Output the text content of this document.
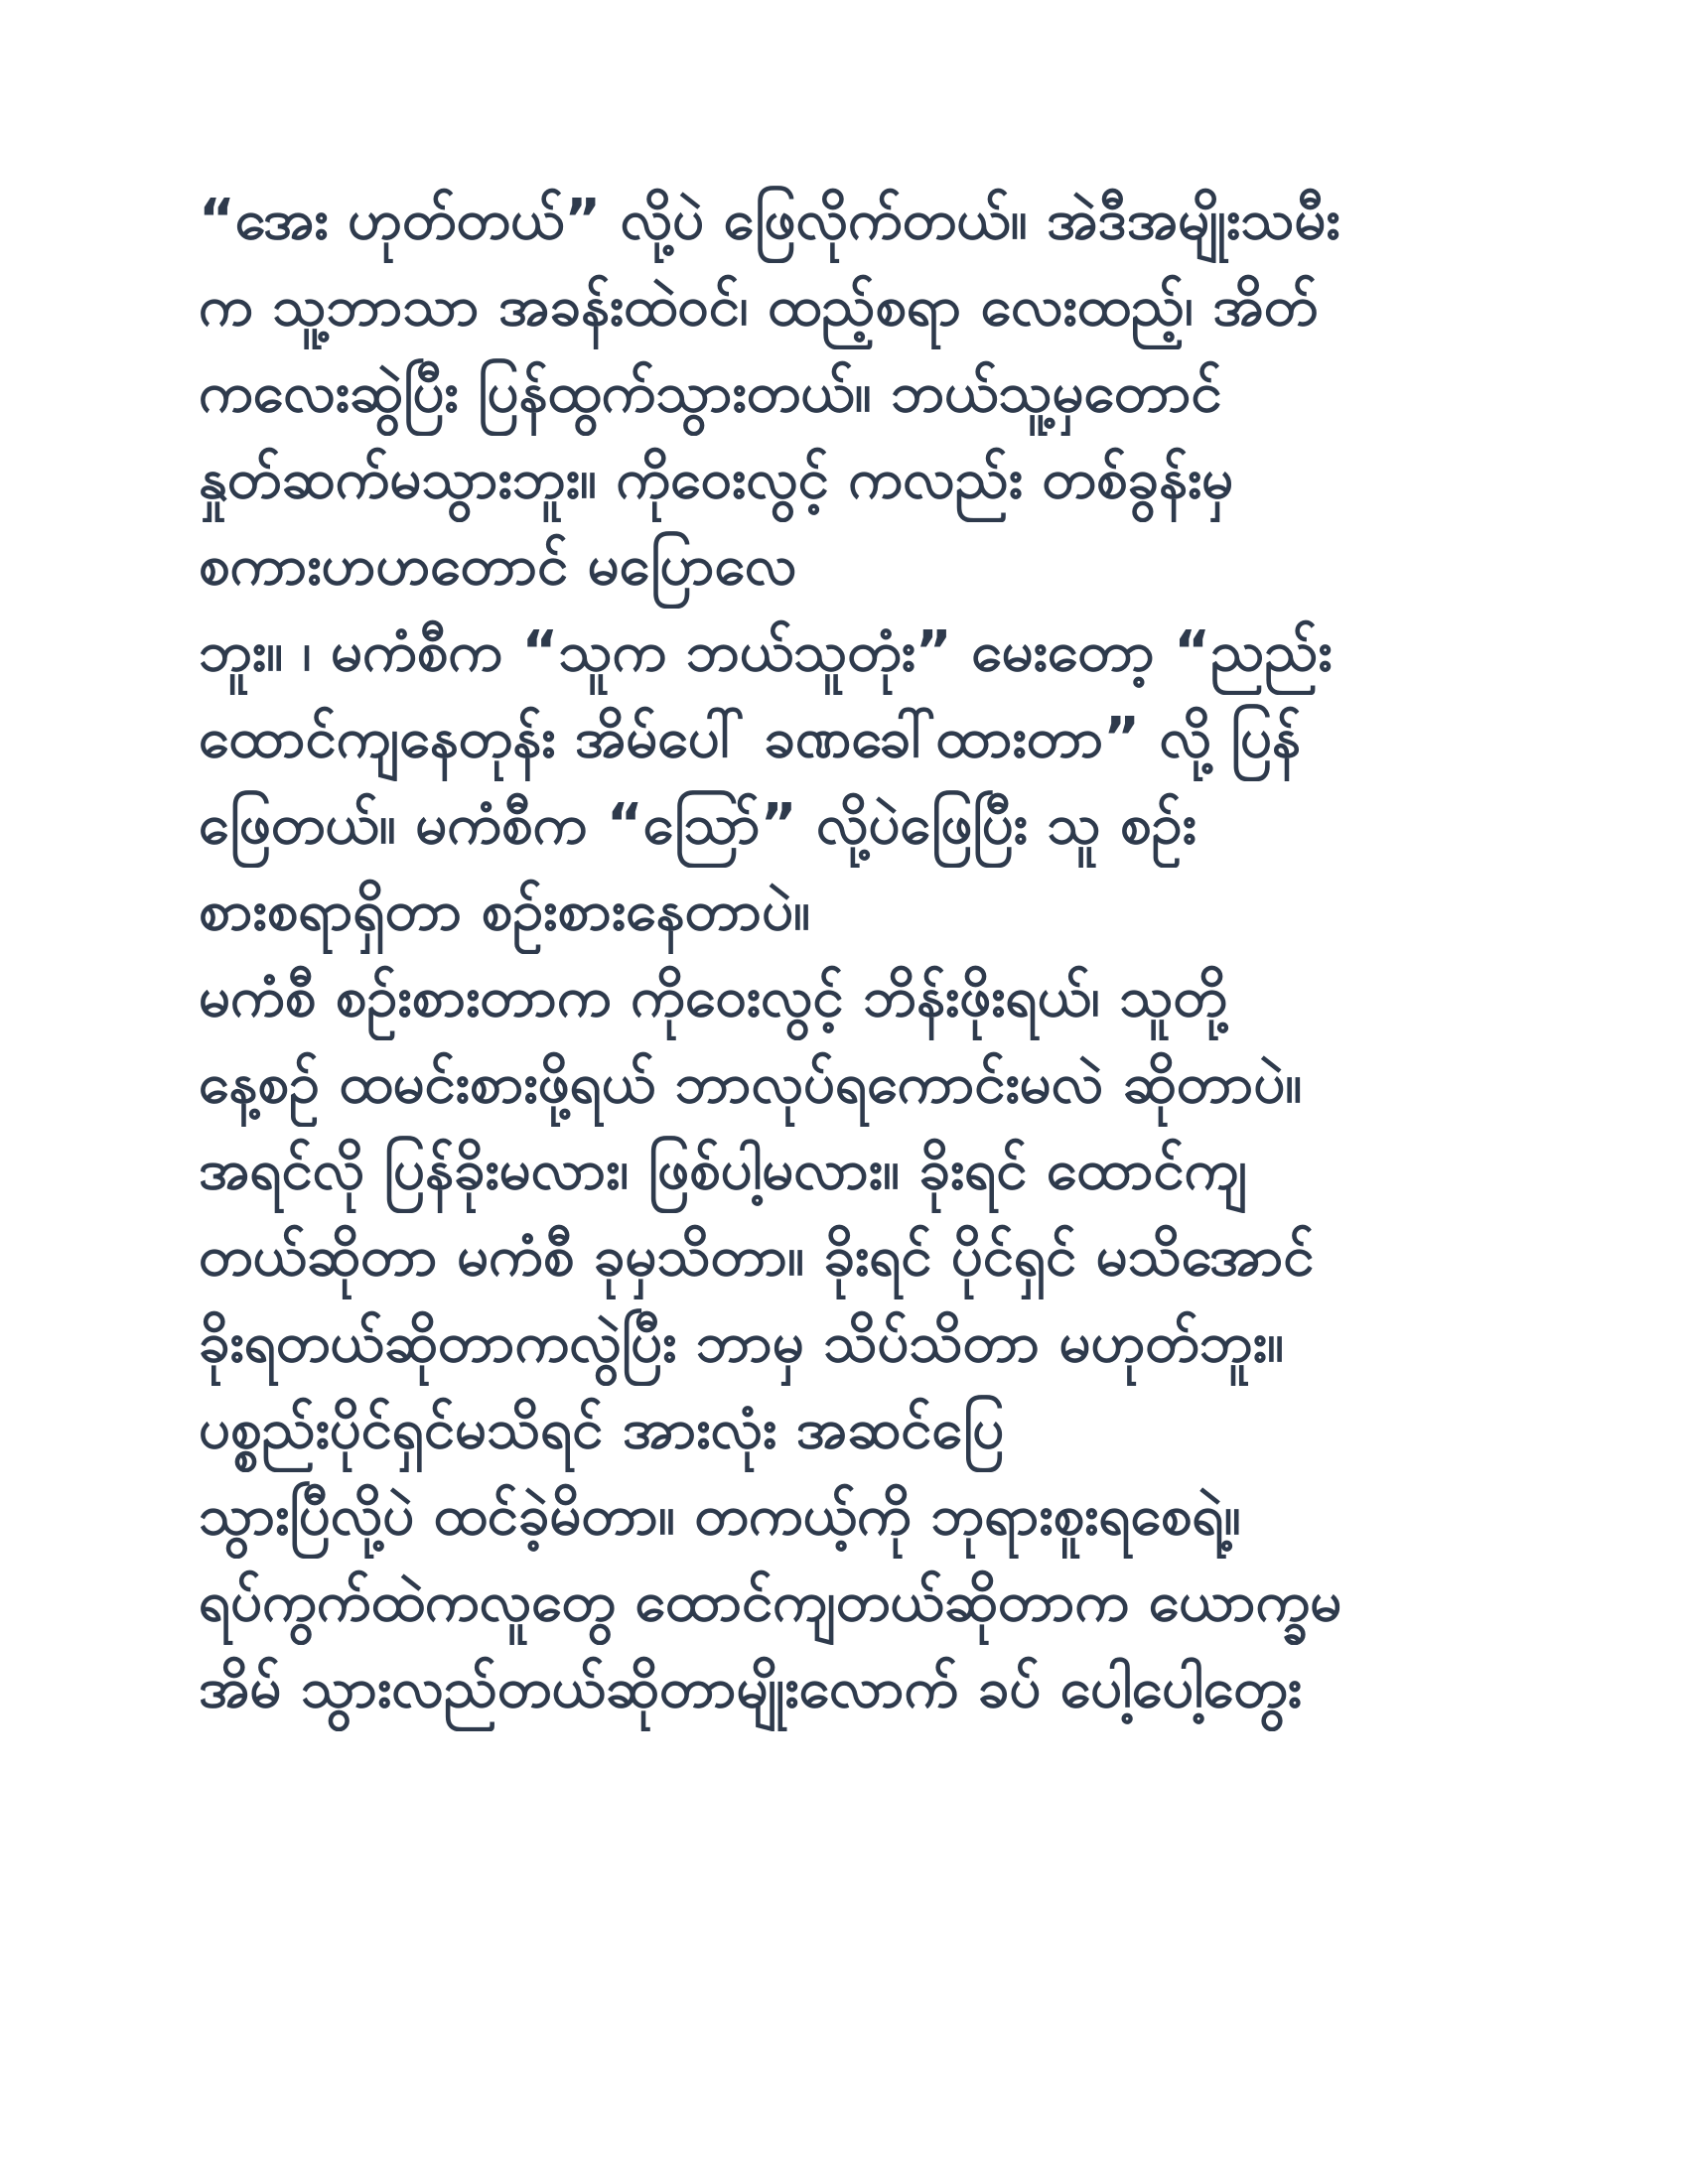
“အေး ဟုတ်တယ်” လို့ပဲ ဖြေလိုက်တယ်။ အဲဒီအမျိုးသမီး
က သူ့ဘာသာ အခန်းထဲဝင်၊ ထည့်စရာ လေးထည့်၊ အိတ်
ကလေးဆွဲပြီး ပြန်ထွက်သွားတယ်။ ဘယ်သူ့မှတောင်
နှုတ်ဆက်မသွားဘူး။ ကိုဝေးလွင့် ကလည်း တစ်ခွန်းမှ
စကားဟဟတောင် မပြောလေ
ဘူး။ ၊ မကံစီက “သူက ဘယ်သူတုံး” မေးတော့ “ညည်း
ထောင်ကျနေတုန်း အိမ်ပေါ် ခဏခေါ်ထားတာ” လို့ ပြန်
ဖြေတယ်။ မကံစီက “သြော်” လို့ပဲဖြေပြီး သူ စဉ်း
စားစရာရှိတာ စဉ်းစားနေတာပဲ။
မကံစီ စဉ်းစားတာက ကိုဝေးလွင့် ဘိန်းဖိုးရယ်၊ သူတို့
နေ့စဉ် ထမင်းစားဖို့ရယ် ဘာလုပ်ရကောင်းမလဲ ဆိုတာပဲ။
အရင်လို ပြန်ခိုးမလား၊ ဖြစ်ပါ့မလား။ ခိုးရင် ထောင်ကျ
တယ်ဆိုတာ မကံစီ ခုမှသိတာ။ ခိုးရင် ပိုင်ရှင် မသိအောင်
ခိုးရတယ်ဆိုတာကလွဲပြီး ဘာမှ သိပ်သိတာ မဟုတ်ဘူး။
ပစ္စည်းပိုင်ရှင်မသိရင် အားလုံး အဆင်ပြေ
သွားပြီလို့ပဲ ထင်ခဲ့မိတာ။ တကယ့်ကို ဘုရားစူးရစေရဲ့။
ရပ်ကွက်ထဲကလူတွေ ထောင်ကျတယ်ဆိုတာက ယောက္ခမ
အိမ် သွားလည်တယ်ဆိုတာမျိုးလောက် ခပ် ပေါ့ပေါ့တွေး
